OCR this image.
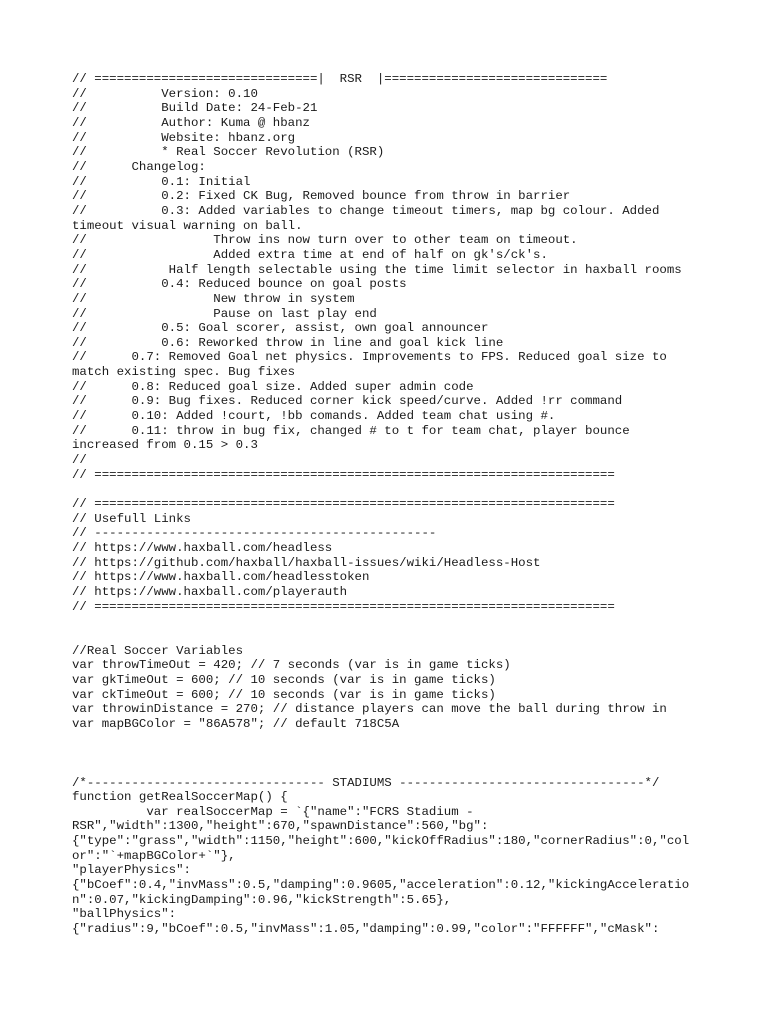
// ==============================|  RSR  |==============================
//          Version: 0.10
//          Build Date: 24-Feb-21
//          Author: Kuma @ hbanz
//          Website: hbanz.org
//          * Real Soccer Revolution (RSR)
//      Changelog:
//          0.1: Initial
//          0.2: Fixed CK Bug, Removed bounce from throw in barrier
//          0.3: Added variables to change timeout timers, map bg colour. Added
timeout visual warning on ball.
//                 Throw ins now turn over to other team on timeout.
//                 Added extra time at end of half on gk's/ck's.
//           Half length selectable using the time limit selector in haxball rooms
//          0.4: Reduced bounce on goal posts
//                 New throw in system
//                 Pause on last play end
//          0.5: Goal scorer, assist, own goal announcer
//          0.6: Reworked throw in line and goal kick line
//      0.7: Removed Goal net physics. Improvements to FPS. Reduced goal size to
match existing spec. Bug fixes
//      0.8: Reduced goal size. Added super admin code
//      0.9: Bug fixes. Reduced corner kick speed/curve. Added !rr command
//      0.10: Added !court, !bb comands. Added team chat using #.
//      0.11: throw in bug fix, changed # to t for team chat, player bounce
increased from 0.15 > 0.3
//
// ======================================================================
// ======================================================================
// Usefull Links
// ----------------------------------------------
// https://www.haxball.com/headless
// https://github.com/haxball/haxball-issues/wiki/Headless-Host
// https://www.haxball.com/headlesstoken
// https://www.haxball.com/playerauth
// ======================================================================
//Real Soccer Variables
var throwTimeOut = 420; // 7 seconds (var is in game ticks)
var gkTimeOut = 600; // 10 seconds (var is in game ticks)
var ckTimeOut = 600; // 10 seconds (var is in game ticks)
var throwinDistance = 270; // distance players can move the ball during throw in
var mapBGColor = "86A578"; // default 718C5A
/*-------------------------------- STADIUMS ---------------------------------*/
function getRealSoccerMap() {
var realSoccerMap = `{"name":"FCRS Stadium -
RSR","width":1300,"height":670,"spawnDistance":560,"bg":
{"type":"grass","width":1150,"height":600,"kickOffRadius":180,"cornerRadius":0,"col
or":"`+mapBGColor+`"},
"playerPhysics":
{"bCoef":0.4,"invMass":0.5,"damping":0.9605,"acceleration":0.12,"kickingAcceleratio
n":0.07,"kickingDamping":0.96,"kickStrength":5.65},
"ballPhysics":
{"radius":9,"bCoef":0.5,"invMass":1.05,"damping":0.99,"color":"FFFFFF","cMask":
